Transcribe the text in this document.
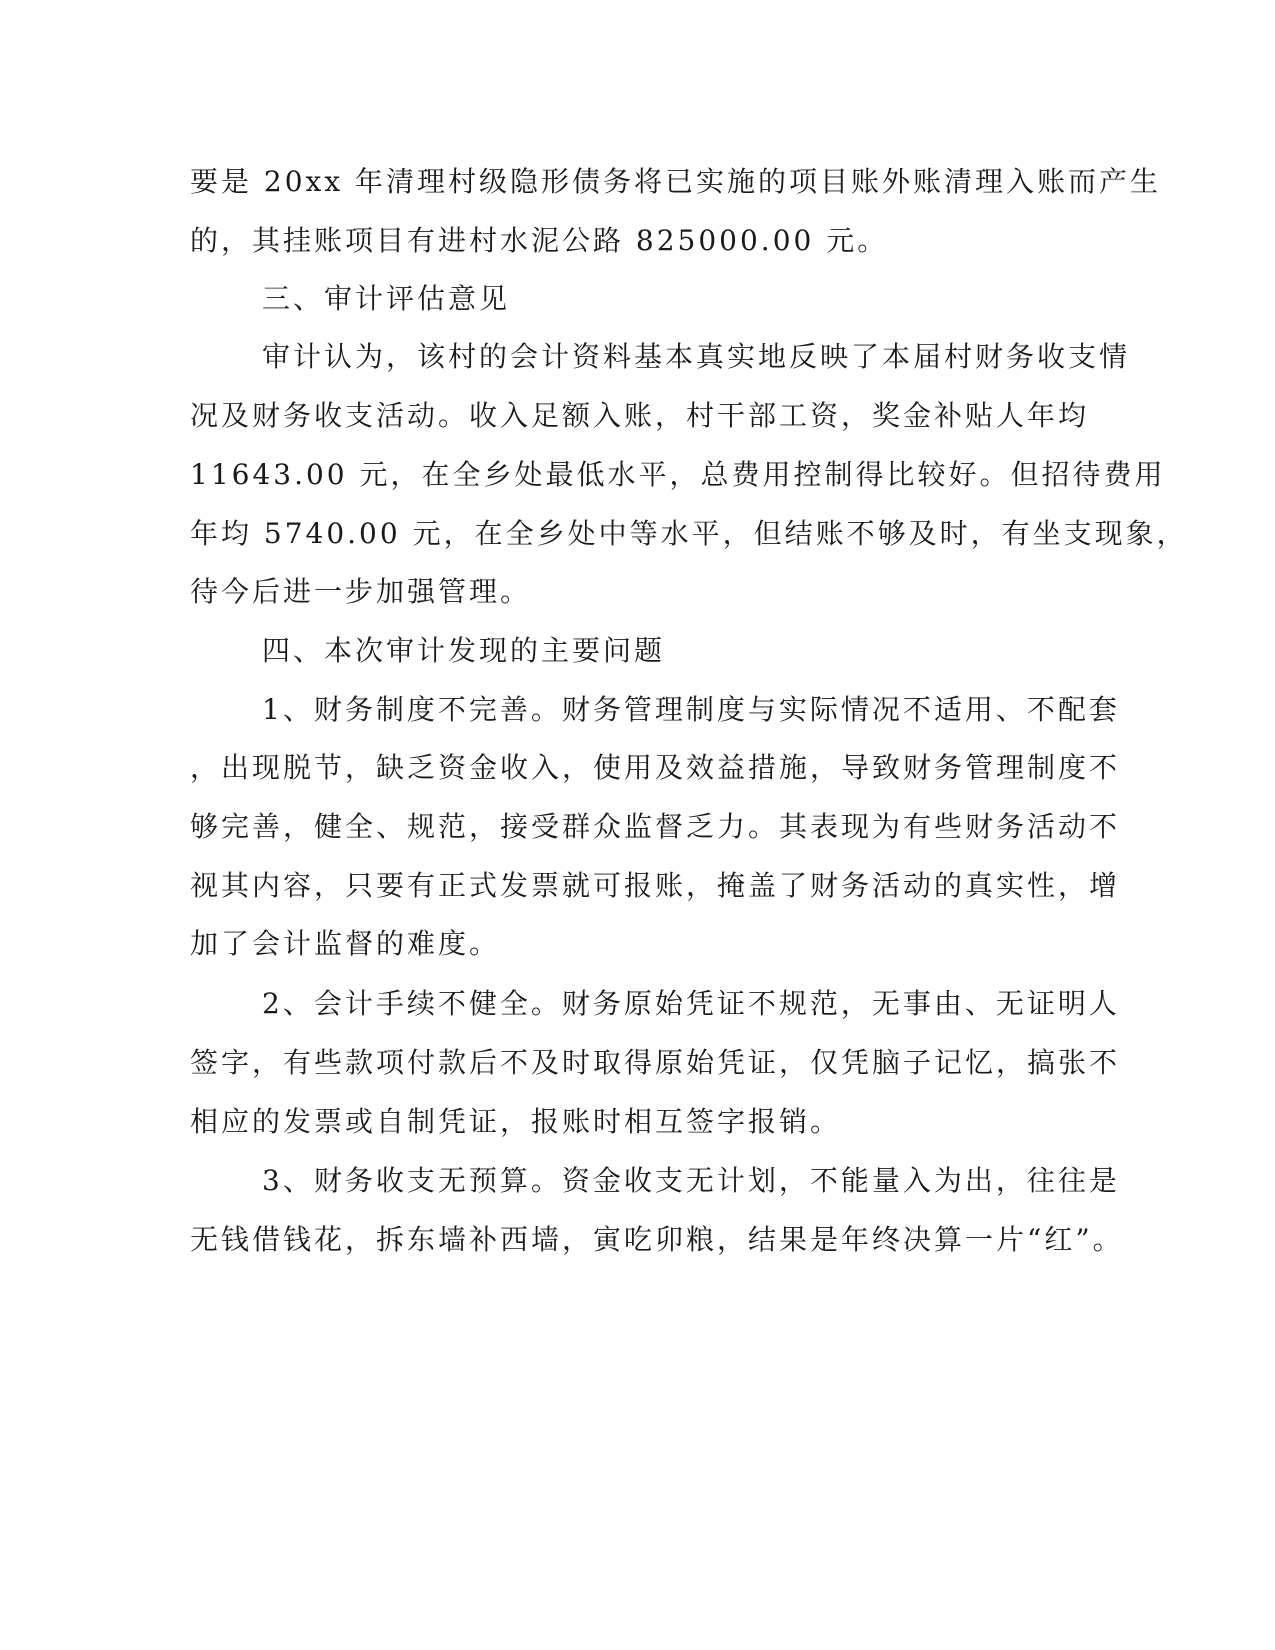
要是 20xx 年清理村级隐形债务将已实施的项目账外账清理入账而产生
的，其挂账项目有进村水泥公路 825000.00 元。
三、审计评估意见
审计认为，该村的会计资料基本真实地反映了本届村财务收支情
况及财务收支活动。收入足额入账，村干部工资，奖金补贴人年均
11643.00 元，在全乡处最低水平，总费用控制得比较好。但招待费用
年均 5740.00 元，在全乡处中等水平，但结账不够及时，有坐支现象，
待今后进一步加强管理。
四、本次审计发现的主要问题
1、财务制度不完善。财务管理制度与实际情况不适用、不配套
，出现脱节，缺乏资金收入，使用及效益措施，导致财务管理制度不
够完善，健全、规范，接受群众监督乏力。其表现为有些财务活动不
视其内容，只要有正式发票就可报账，掩盖了财务活动的真实性，增
加了会计监督的难度。
2、会计手续不健全。财务原始凭证不规范，无事由、无证明人
签字，有些款项付款后不及时取得原始凭证，仅凭脑子记忆，搞张不
相应的发票或自制凭证，报账时相互签字报销。
3、财务收支无预算。资金收支无计划，不能量入为出，往往是
无钱借钱花，拆东墙补西墙，寅吃卯粮，结果是年终决算一片“红”。
